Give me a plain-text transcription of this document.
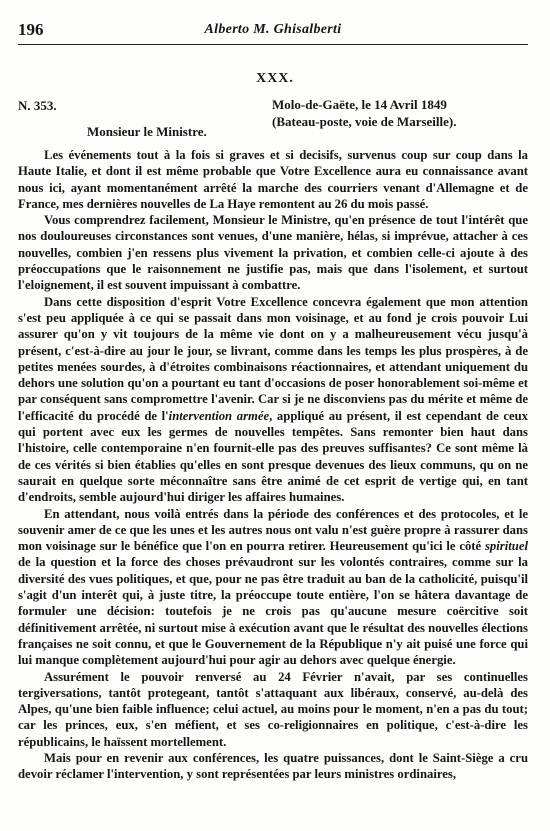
196	Alberto M. Ghisalberti
XXX.
N. 353.	Molo-de-Gaëte, le 14 Avril 1849
(Bateau-poste, voie de Marseille).
Monsieur le Ministre.

Les événements tout à la fois si graves et si decisifs, survenus coup sur coup dans la Haute Italie, et dont il est même probable que Votre Excellence aura eu connaissance avant nous ici, ayant momentanément arrêté la marche des courriers venant d'Allemagne et de France, mes dernières nouvelles de La Haye remontent au 26 du mois passé.

Vous comprendrez facilement, Monsieur le Ministre, qu'en présence de tout l'intérêt que nos douloureuses circonstances sont venues, d'une manière, hélas, si imprévue, attacher à ces nouvelles, combien j'en ressens plus vivement la privation, et combien celle-ci ajoute à des préoccupations que le raisonnement ne justifie pas, mais que dans l'isolement, et surtout l'eloignement, il est souvent impuissant à combattre.

Dans cette disposition d'esprit Votre Excellence concevra également que mon attention s'est peu appliquée à ce qui se passait dans mon voisinage, et au fond je crois pouvoir Lui assurer qu'on y vit toujours de la même vie dont on y a malheureusement vécu jusqu'à présent, c'est-à-dire au jour le jour, se livrant, comme dans les temps les plus prospères, à de petites menées sourdes, à d'étroites combinaisons réactionnaires, et attendant uniquement du dehors une solution qu'on a pourtant eu tant d'occasions de poser honorablement soi-même et par conséquent sans compromettre l'avenir. Car si je ne disconviens pas du mérite et même de l'efficacité du procédé de l'intervention armée, appliqué au présent, il est cependant de ceux qui portent avec eux les germes de nouvelles tempêtes. Sans remonter bien haut dans l'histoire, celle contemporaine n'en fournit-elle pas des preuves suffisantes? Ce sont même là de ces vérités si bien établies qu'elles en sont presque devenues des lieux communs, qu on ne saurait en quelque sorte méconnaître sans être animé de cet esprit de vertige qui, en tant d'endroits, semble aujourd'hui diriger les affaires humaines.

En attendant, nous voilà entrés dans la période des conférences et des protocoles, et le souvenir amer de ce que les unes et les autres nous ont valu n'est guère propre à rassurer dans mon voisinage sur le bénéfice que l'on en pourra retirer. Heureusement qu'ici le côté spirituel de la question et la force des choses prévaudront sur les volontés contraires, comme sur la diversité des vues politiques, et que, pour ne pas être traduit au ban de la catholicité, puisqu'il s'agit d'un interêt qui, à juste titre, la préoccupe toute entière, l'on se hâtera davantage de formuler une décision: toutefois je ne crois pas qu'aucune mesure coërcitive soit définitivement arrêtée, ni surtout mise à exécution avant que le résultat des nouvelles élections françaises ne soit connu, et que le Gouvernement de la République n'y ait puisé une force qui lui manque complètement aujourd'hui pour agir au dehors avec quelque énergie.

Assurément le pouvoir renversé au 24 Février n'avait, par ses continuelles tergiversations, tantôt protegeant, tantôt s'attaquant aux libéraux, conservé, au-delà des Alpes, qu'une bien faible influence; celui actuel, au moins pour le moment, n'en a pas du tout; car les princes, eux, s'en méfient, et ses co-religionnaires en politique, c'est-à-dire les républicains, le haïssent mortellement.

Mais pour en revenir aux conférences, les quatre puissances, dont le Saint-Siège a cru devoir réclamer l'intervention, y sont représentées par leurs ministres ordinaires,
